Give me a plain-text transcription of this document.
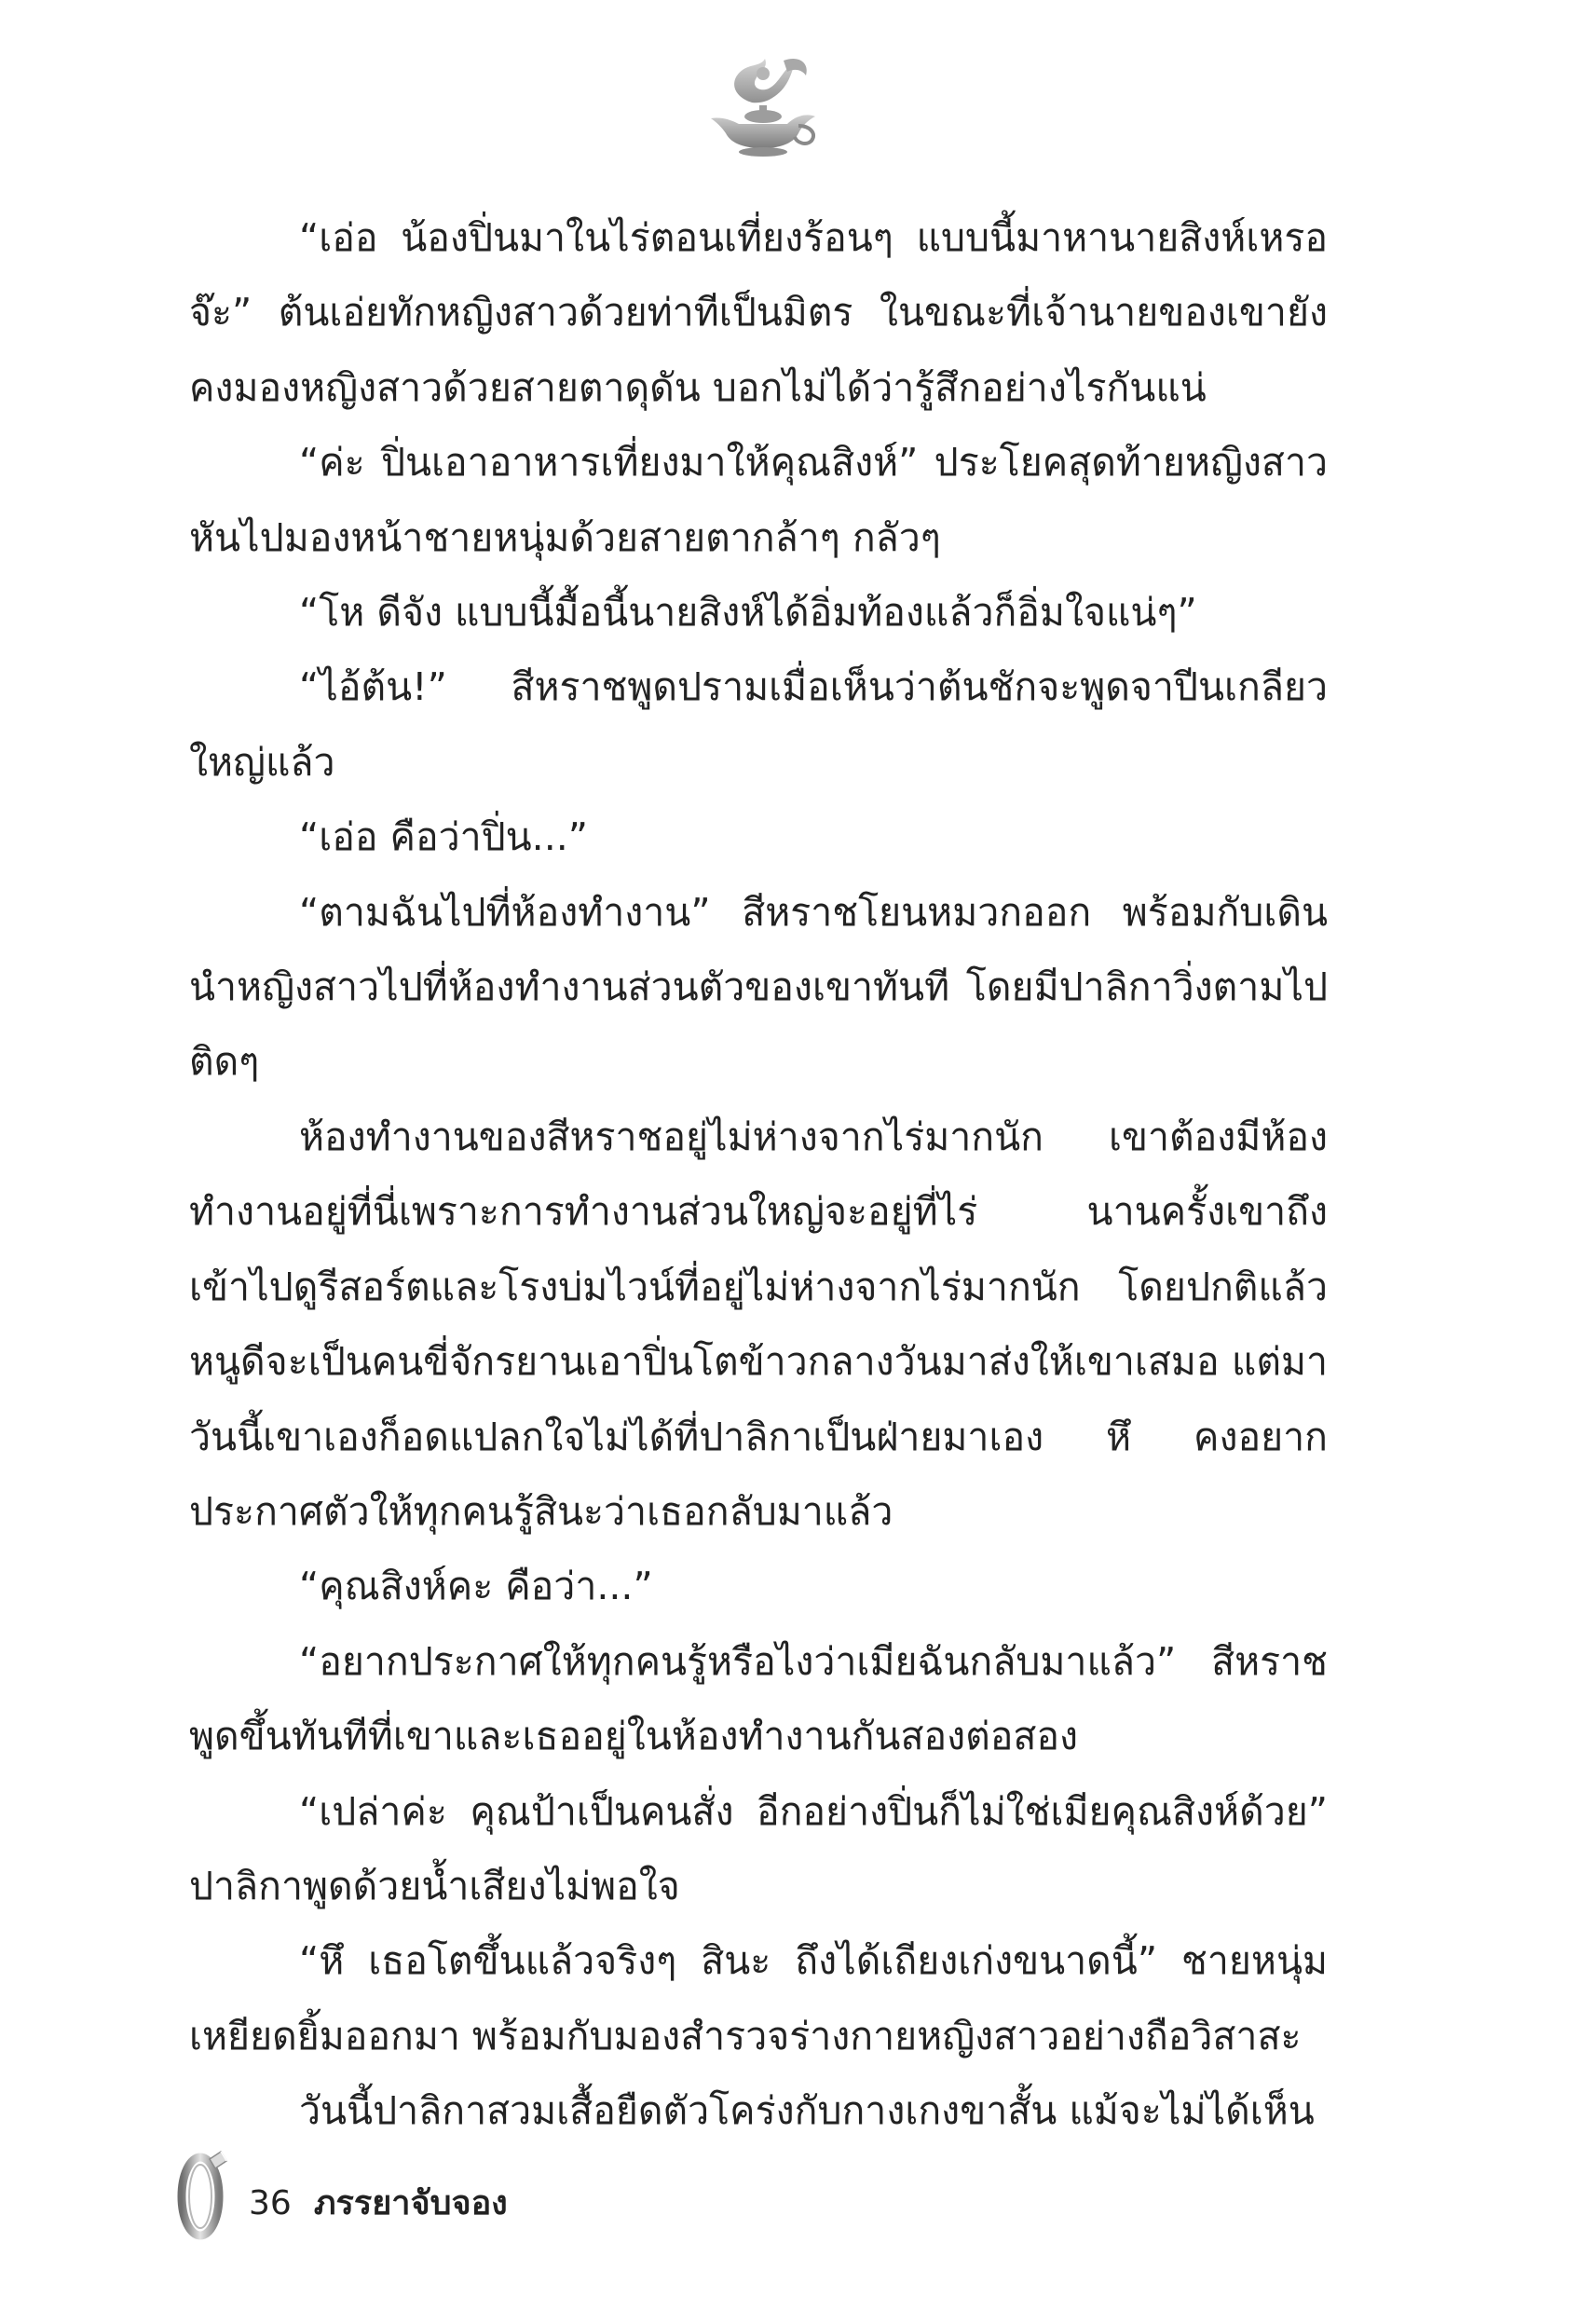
“เอ่อ น้องปิ่นมาในไร่ตอนเที่ยงร้อนๆ แบบนี้มาหานายสิงห์เหรอจ๊ะ” ต้นเอ่ยทักหญิงสาวด้วยท่าทีเป็นมิตร ในขณะที่เจ้านายของเขายังคงมองหญิงสาวด้วยสายตาดุดัน บอกไม่ได้ว่ารู้สึกอย่างไรกันแน่

“ค่ะ ปิ่นเอาอาหารเที่ยงมาให้คุณสิงห์” ประโยคสุดท้ายหญิงสาวหันไปมองหน้าชายหนุ่มด้วยสายตากล้าๆ กลัวๆ

“โห ดีจัง แบบนี้มื้อนี้นายสิงห์ได้อิ่มท้องแล้วก็อิ่มใจแน่ๆ”

“ไอ้ต้น!” สีหราชพูดปรามเมื่อเห็นว่าต้นชักจะพูดจาปีนเกลียวใหญ่แล้ว

“เอ่อ คือว่าปิ่น...”

“ตามฉันไปที่ห้องทำงาน” สีหราชโยนหมวกออก พร้อมกับเดินนำหญิงสาวไปที่ห้องทำงานส่วนตัวของเขาทันที โดยมีปาลิกาวิ่งตามไปติดๆ

ห้องทำงานของสีหราชอยู่ไม่ห่างจากไร่มากนัก เขาต้องมีห้องทำงานอยู่ที่นี่เพราะการทำงานส่วนใหญ่จะอยู่ที่ไร่ นานครั้งเขาถึงเข้าไปดูรีสอร์ตและโรงบ่มไวน์ที่อยู่ไม่ห่างจากไร่มากนัก โดยปกติแล้วหนูดีจะเป็นคนขี่จักรยานเอาปิ่นโตข้าวกลางวันมาส่งให้เขาเสมอ แต่มาวันนี้เขาเองก็อดแปลกใจไม่ได้ที่ปาลิกาเป็นฝ่ายมาเอง หึ คงอยากประกาศตัวให้ทุกคนรู้สินะว่าเธอกลับมาแล้ว

“คุณสิงห์คะ คือว่า...”

“อยากประกาศให้ทุกคนรู้หรือไงว่าเมียฉันกลับมาแล้ว” สีหราชพูดขึ้นทันทีที่เขาและเธออยู่ในห้องทำงานกันสองต่อสอง

“เปล่าค่ะ คุณป้าเป็นคนสั่ง อีกอย่างปิ่นก็ไม่ใช่เมียคุณสิงห์ด้วย” ปาลิกาพูดด้วยน้ำเสียงไม่พอใจ

“หึ เธอโตขึ้นแล้วจริงๆ สินะ ถึงได้เถียงเก่งขนาดนี้” ชายหนุ่มเหยียดยิ้มออกมา พร้อมกับมองสำรวจร่างกายหญิงสาวอย่างถือวิสาสะ

วันนี้ปาลิกาสวมเสื้อยืดตัวโคร่งกับกางเกงขาสั้น แม้จะไม่ได้เห็น

36 ภรรยาจับจอง
